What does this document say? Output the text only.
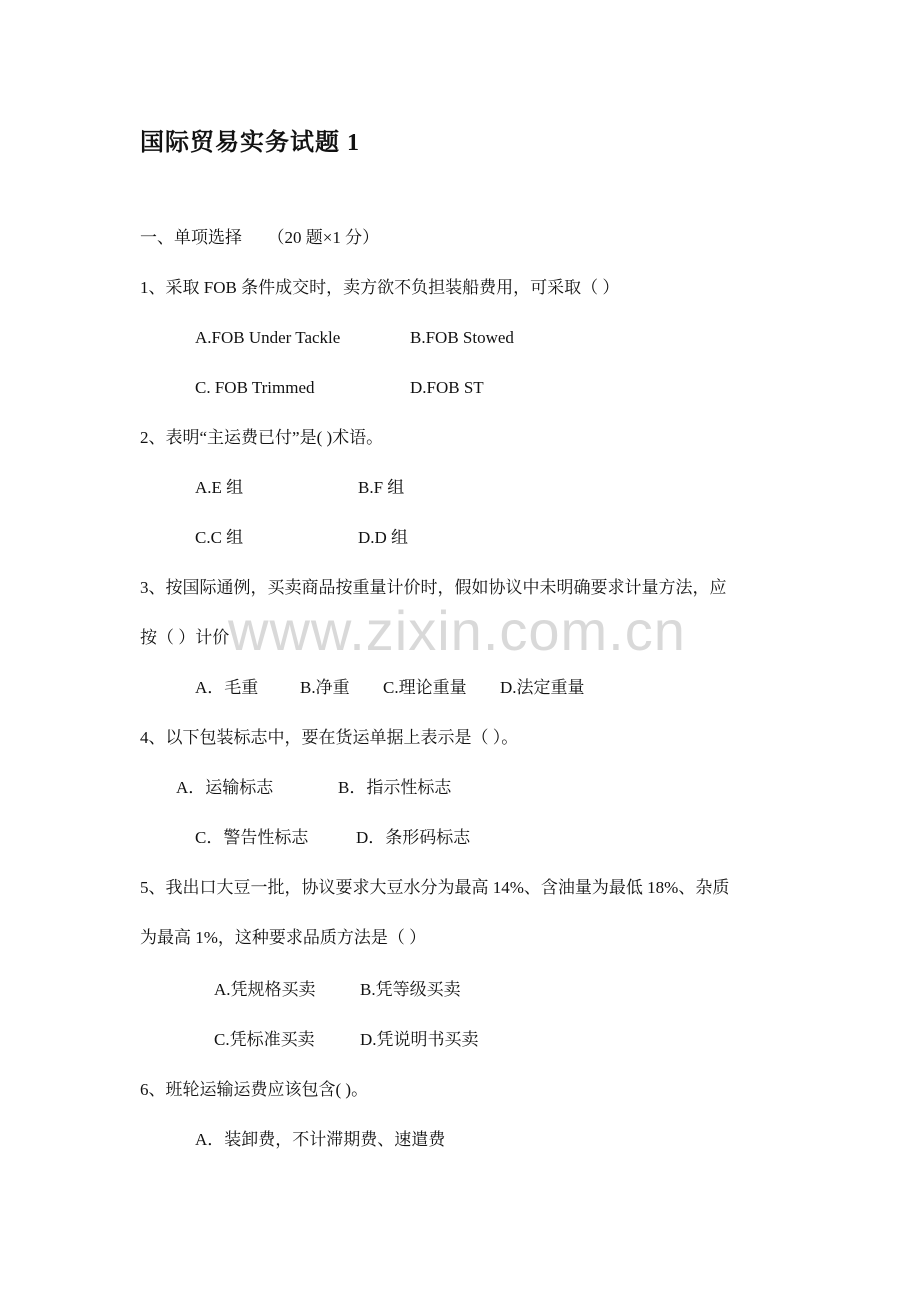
www.zixin.com.cn
国际贸易实务试题 1
一、单项选择　　（20 题×1 分）
1、采取 FOB 条件成交时，卖方欲不负担装船费用，可采取（ ）
A.FOB Under Tackle	B.FOB Stowed
C. FOB Trimmed	D.FOB ST
2、表明“主运费已付”是( )术语。
A.E 组	B.F 组
C.C 组	D.D 组
3、按国际通例，买卖商品按重量计价时，假如协议中未明确要求计量方法，应
按（ ）计价
A．毛重 B.净重 C.理论重量 D.法定重量
4、以下包装标志中，要在货运单据上表示是（ ）。
A．运输标志	B．指示性标志
C．警告性标志	D．条形码标志
5、我出口大豆一批，协议要求大豆水分为最高 14%、含油量为最低 18%、杂质
为最高 1%，这种要求品质方法是（ ）
A.凭规格买卖	B.凭等级买卖
C.凭标准买卖	D.凭说明书买卖
6、班轮运输运费应该包含( )。
A．装卸费，不计滞期费、速遣费
